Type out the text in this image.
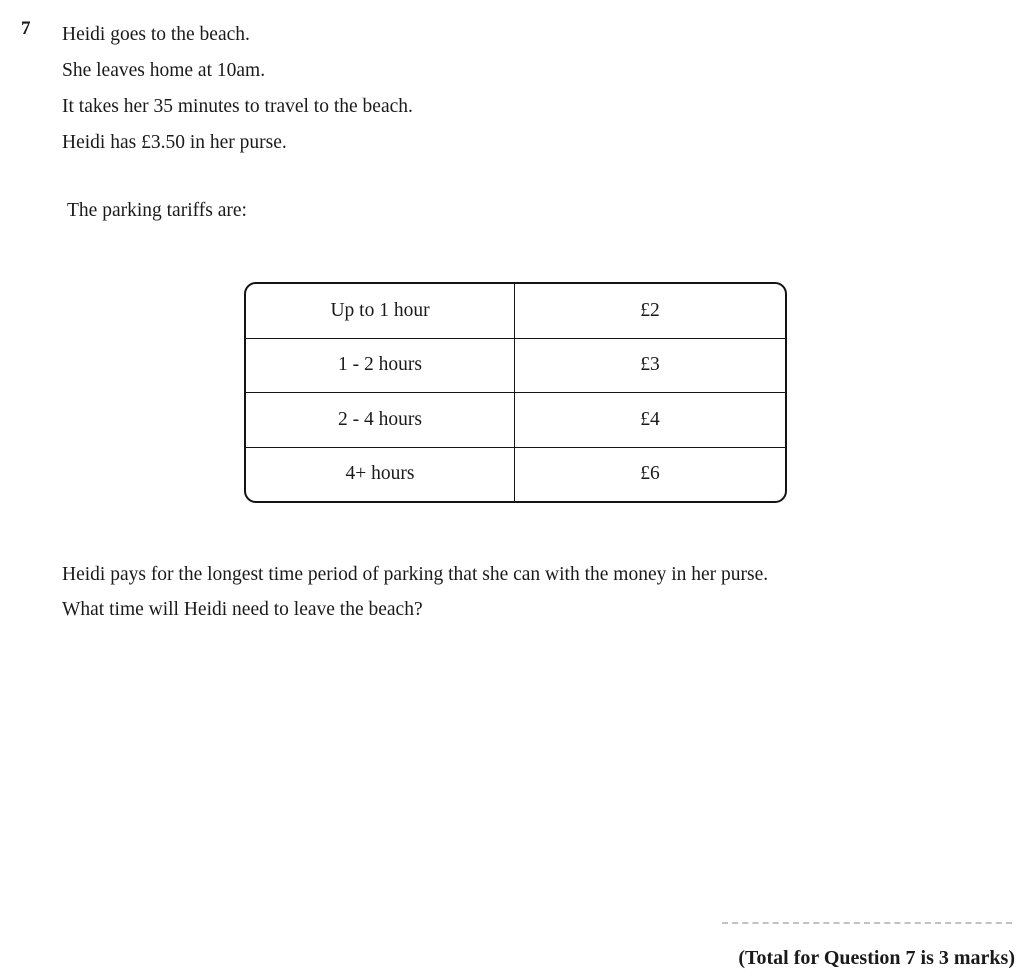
7 Heidi goes to the beach.
She leaves home at 10am.
It takes her 35 minutes to travel to the beach.
Heidi has £3.50 in her purse.
The parking tariffs are:
Up to 1 hour	£2
1 - 2 hours	£3
2 - 4 hours	£4
4+ hours	£6
Heidi pays for the longest time period of parking that she can with the money in her purse.
What time will Heidi need to leave the beach?
(Total for Question 7 is 3 marks)
